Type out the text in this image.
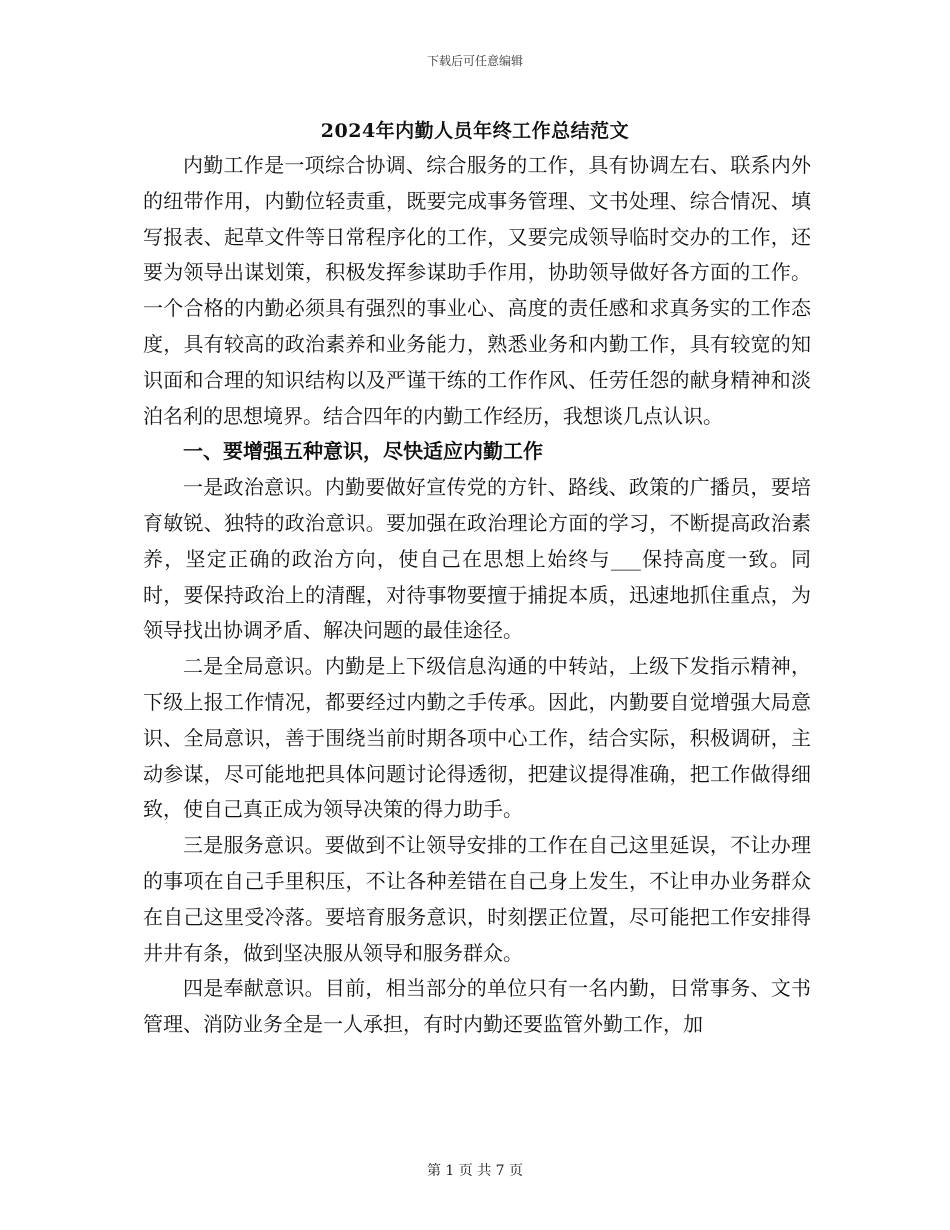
下载后可任意编辑
2024年内勤人员年终工作总结范文

内勤工作是一项综合协调、综合服务的工作，具有协调左右、联系内外的纽带作用，内勤位轻责重，既要完成事务管理、文书处理、综合情况、填写报表、起草文件等日常程序化的工作，又要完成领导临时交办的工作，还要为领导出谋划策，积极发挥参谋助手作用，协助领导做好各方面的工作。一个合格的内勤必须具有强烈的事业心、高度的责任感和求真务实的工作态度，具有较高的政治素养和业务能力，熟悉业务和内勤工作，具有较宽的知识面和合理的知识结构以及严谨干练的工作作风、任劳任怨的献身精神和淡泊名利的思想境界。结合四年的内勤工作经历，我想谈几点认识。

一、要增强五种意识，尽快适应内勤工作

一是政治意识。内勤要做好宣传党的方针、路线、政策的广播员，要培育敏锐、独特的政治意识。要加强在政治理论方面的学习，不断提高政治素养，坚定正确的政治方向，使自己在思想上始终与___保持高度一致。同时，要保持政治上的清醒，对待事物要擅于捕捉本质，迅速地抓住重点，为领导找出协调矛盾、解决问题的最佳途径。

二是全局意识。内勤是上下级信息沟通的中转站，上级下发指示精神，下级上报工作情况，都要经过内勤之手传承。因此，内勤要自觉增强大局意识、全局意识，善于围绕当前时期各项中心工作，结合实际，积极调研，主动参谋，尽可能地把具体问题讨论得透彻，把建议提得准确，把工作做得细致，使自己真正成为领导决策的得力助手。

三是服务意识。要做到不让领导安排的工作在自己这里延误，不让办理的事项在自己手里积压，不让各种差错在自己身上发生，不让申办业务群众在自己这里受冷落。要培育服务意识，时刻摆正位置，尽可能把工作安排得井井有条，做到坚决服从领导和服务群众。

四是奉献意识。目前，相当部分的单位只有一名内勤，日常事务、文书管理、消防业务全是一人承担，有时内勤还要监管外勤工作，加

第 1 页 共 7 页
